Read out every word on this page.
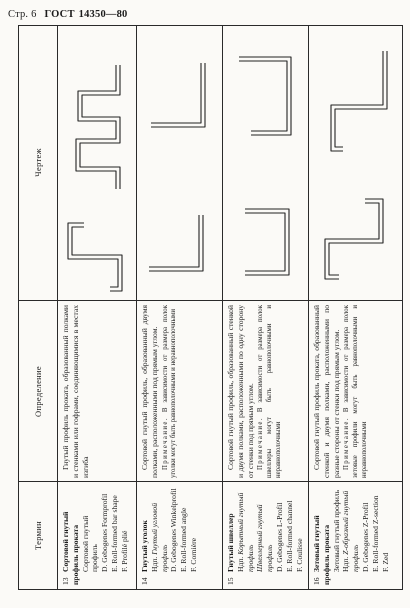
Стр. 6 ГОСТ 14350—80
Термин
Определение
Чертеж
13Сортовой гнутый профиль проката Сортовой гнутый профиль D. Gebogenes Formprofil E. Roll-formed bar shape F. Profilé plié

Гнутый профиль проката, образованный полками и стенками или гофрами, соединяющимися в местах изгиба

14Гнутый уголок Ндп. Гнутый угловой профиль D. Gebogenes Winkelprofil E. Roll-formed angle F. Cornière

Сортовой гнутый профиль, образованный двумя полками, расположенными под прямым углом. Примечание. В зависимости от размера полок уголки могут быть равнополочными и неравнополочными

15Гнутый швеллер Ндп. Корытный гнутый профиль Швеллерный гнутый профиль D. Gebogenes L-Profil E. Roll-formed channel F. Coulisse

Сортовой гнутый профиль, образованный стенкой и двумя полками, расположенными по одну сторону от стенки под прямым углом. Примечание. В зависимости от размера полок швеллеры могут быть равнополочными и неравнополочными

16Зетовый гнутый профиль проката Зетовый гнутый профиль Ндп. Z-образный гнутый профиль D. Gebogenes Z-Profil E. Roll-formed Z-section F. Zed

Сортовой гнутый профиль проката, образованный стенкой и двумя полками, расположенными по разные стороны от стенки под прямым углом. Примечание. В зависимости от размера полок зетовые профили могут быть равнополочными и неравнополочными
